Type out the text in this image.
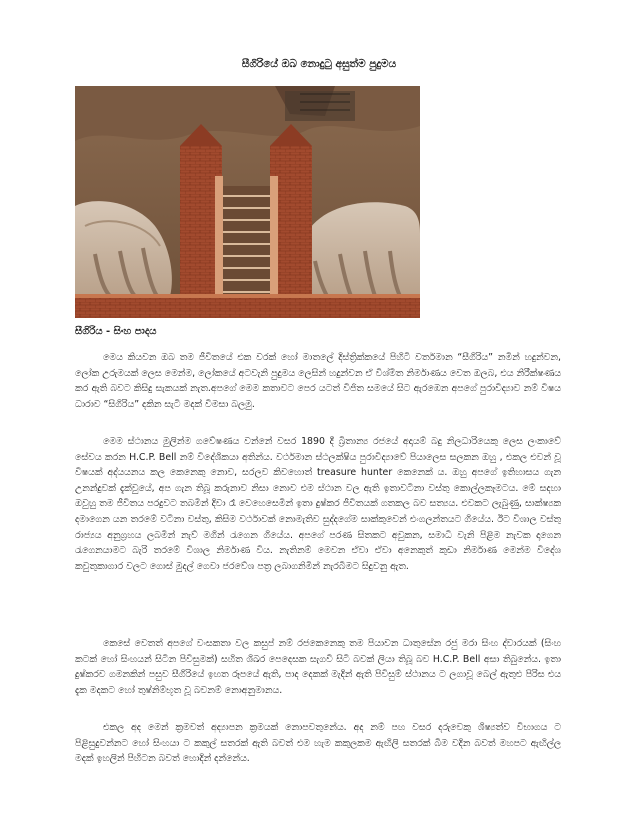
සීගිරියේ ඔබ නොදුටු අසුත්ම පුදුමය
සීගිරිය - සිංහ පාදය

මෙය කියවන ඔබ තම ජීවිතයේ එක වරක් හෝ මාතලේ දිස්ත්‍රික්කයේ පිහිටි වර්තමාන “සීගිරිය” නමින් හදුන්වන, ලෝක උරුමයක් ලෙස මෙන්ම, ලෝකයේ අටවැනි පුදුමය ලෙසින් හදුන්වන ඒ විශ්මිත නිර්මාණය වෙත ඔලබ, එය නිරීක්ෂණය කර ඇති බවට කිසිදු සැකයක් නැත.අපගේ මෙම කතාවට පෙර යටත් විජිත සමයේ සිට ඇරඹෙන අපගේ පුරාවිද්‍යාව නම් විෂය ධාරාව “සිගිරිය” දකින සැටි මදක් විමසා බලමු.

මෙම ස්ථානය මුලින්ම ගවේෂණය වන්නේ වසර 1890 දී බ්‍රිතාන්‍ය රජයේ අදායම් බදු නිලධාරියෙකු ලෙස ලංකාවේ සේවය කරන H.C.P. Bell නම් විදේශිකයා අතින්ය. වර්ථමාන ස්ථලක්ෂිය පුරාවිද්‍යාවේ පියාලෙස සලකන ඔහු , එකල එවන් වූ විෂයක් අද්යයනය කල කෙනෙකු නොව, සරලව කිවහොත් treasure hunter කෙනෙක් ය. ඔහු අපගේ ඉතිහාසය ගැන උනන්දුවක් දැක්වුයේ, අප ගැන තිබූ කරුනාව නිසා නොව එම ස්ථාන වල ඇති ඉතාවටිනා වස්තු කොල්ලකෑමටය. මේ සදහා ඔවුහු තම ජීවිතය පරදුවට තබමින් දිවා රෑ වෙහෙසෙමින් ඉතා දුෂ්කර ජීවිතයක් ගතකල බව සත්‍යය. එවකට ලැබුණු, සාක්ෂ්‍යක දමාගෙන යන තරමේ වටිනා වස්තු, කිසිම වර්ථාවක් නොමැතිව සුද්දගේම සාක්කුවෙන් එංගලන්තයට ගියේය. ඊට විශාල වස්තු රාජ්‍යය අනුග්‍රහය ලබමින් නැව් මගින් රැගෙන ගියේය. අපගේ පරණ සිතකට අවුකන, සමාධි වැනි පිළිම නැවක දාගෙන රැගෙනයාමට බැරි තරමේ විශාල නිර්මාණ විය. නැතිනම් මෙවන ඒවා ඒවා අනෙකුත් කුඩා නිර්මාණ මෙන්ම විදේශ කවුතුකාගාර වලට ගොස් මුදල් ගෙවා ජරවේශ පත්‍ර ලබාගනිමින් නැරබීමට සිදුවනු ඇත.

කෙසේ වෙතත් අපගේ වංසකතා වල කසුප් නම් රජකෙනෙකු තම පියාවන ධාතුසේන රජු මරා සිංහ ද්වාරයක් (සිංහ කටක් හෝ සිංහයන් සිටින පිවිසුමක්) සහිත ශිඛර පෙදෙසක සැගවී සිටි බවක් ලියා තිබූ බව H.C.P. Bell අසා තිබුනේය. ඉතා දුෂ්කරව ගමනකින් පසුව සීගිරියේ ඉහත රූපයේ ඇති, පාද දෙකක් මැදින් ඇති පිවිසුම් ස්ථානය ට ලගාවූ බෙල් ඇතුළු පිරිස එය දැක මදකට හෝ තුෂ්නිම්භූත වූ බවනම් නොඅනුමානය.

එකල අද මෙන් ක්‍රමවත් අද්‍යාපන ක්‍රමයක් නොපවතුනේය. අද නම් පහ වසර දරුවෙකු ශිෂ්‍යත්ව විභාගය ට පිළිසුදුවන්නට හෝ සිංහයා ට කකුල් සතරක් ඇති බවත් එම හැම කකුලකම ඇඟිලි සතරක් බීම වදින බවත් මහපට ඇඟිල්ල මදක් ඉහලින් පිහිටන බවත් හොදින් දන්නේය.
